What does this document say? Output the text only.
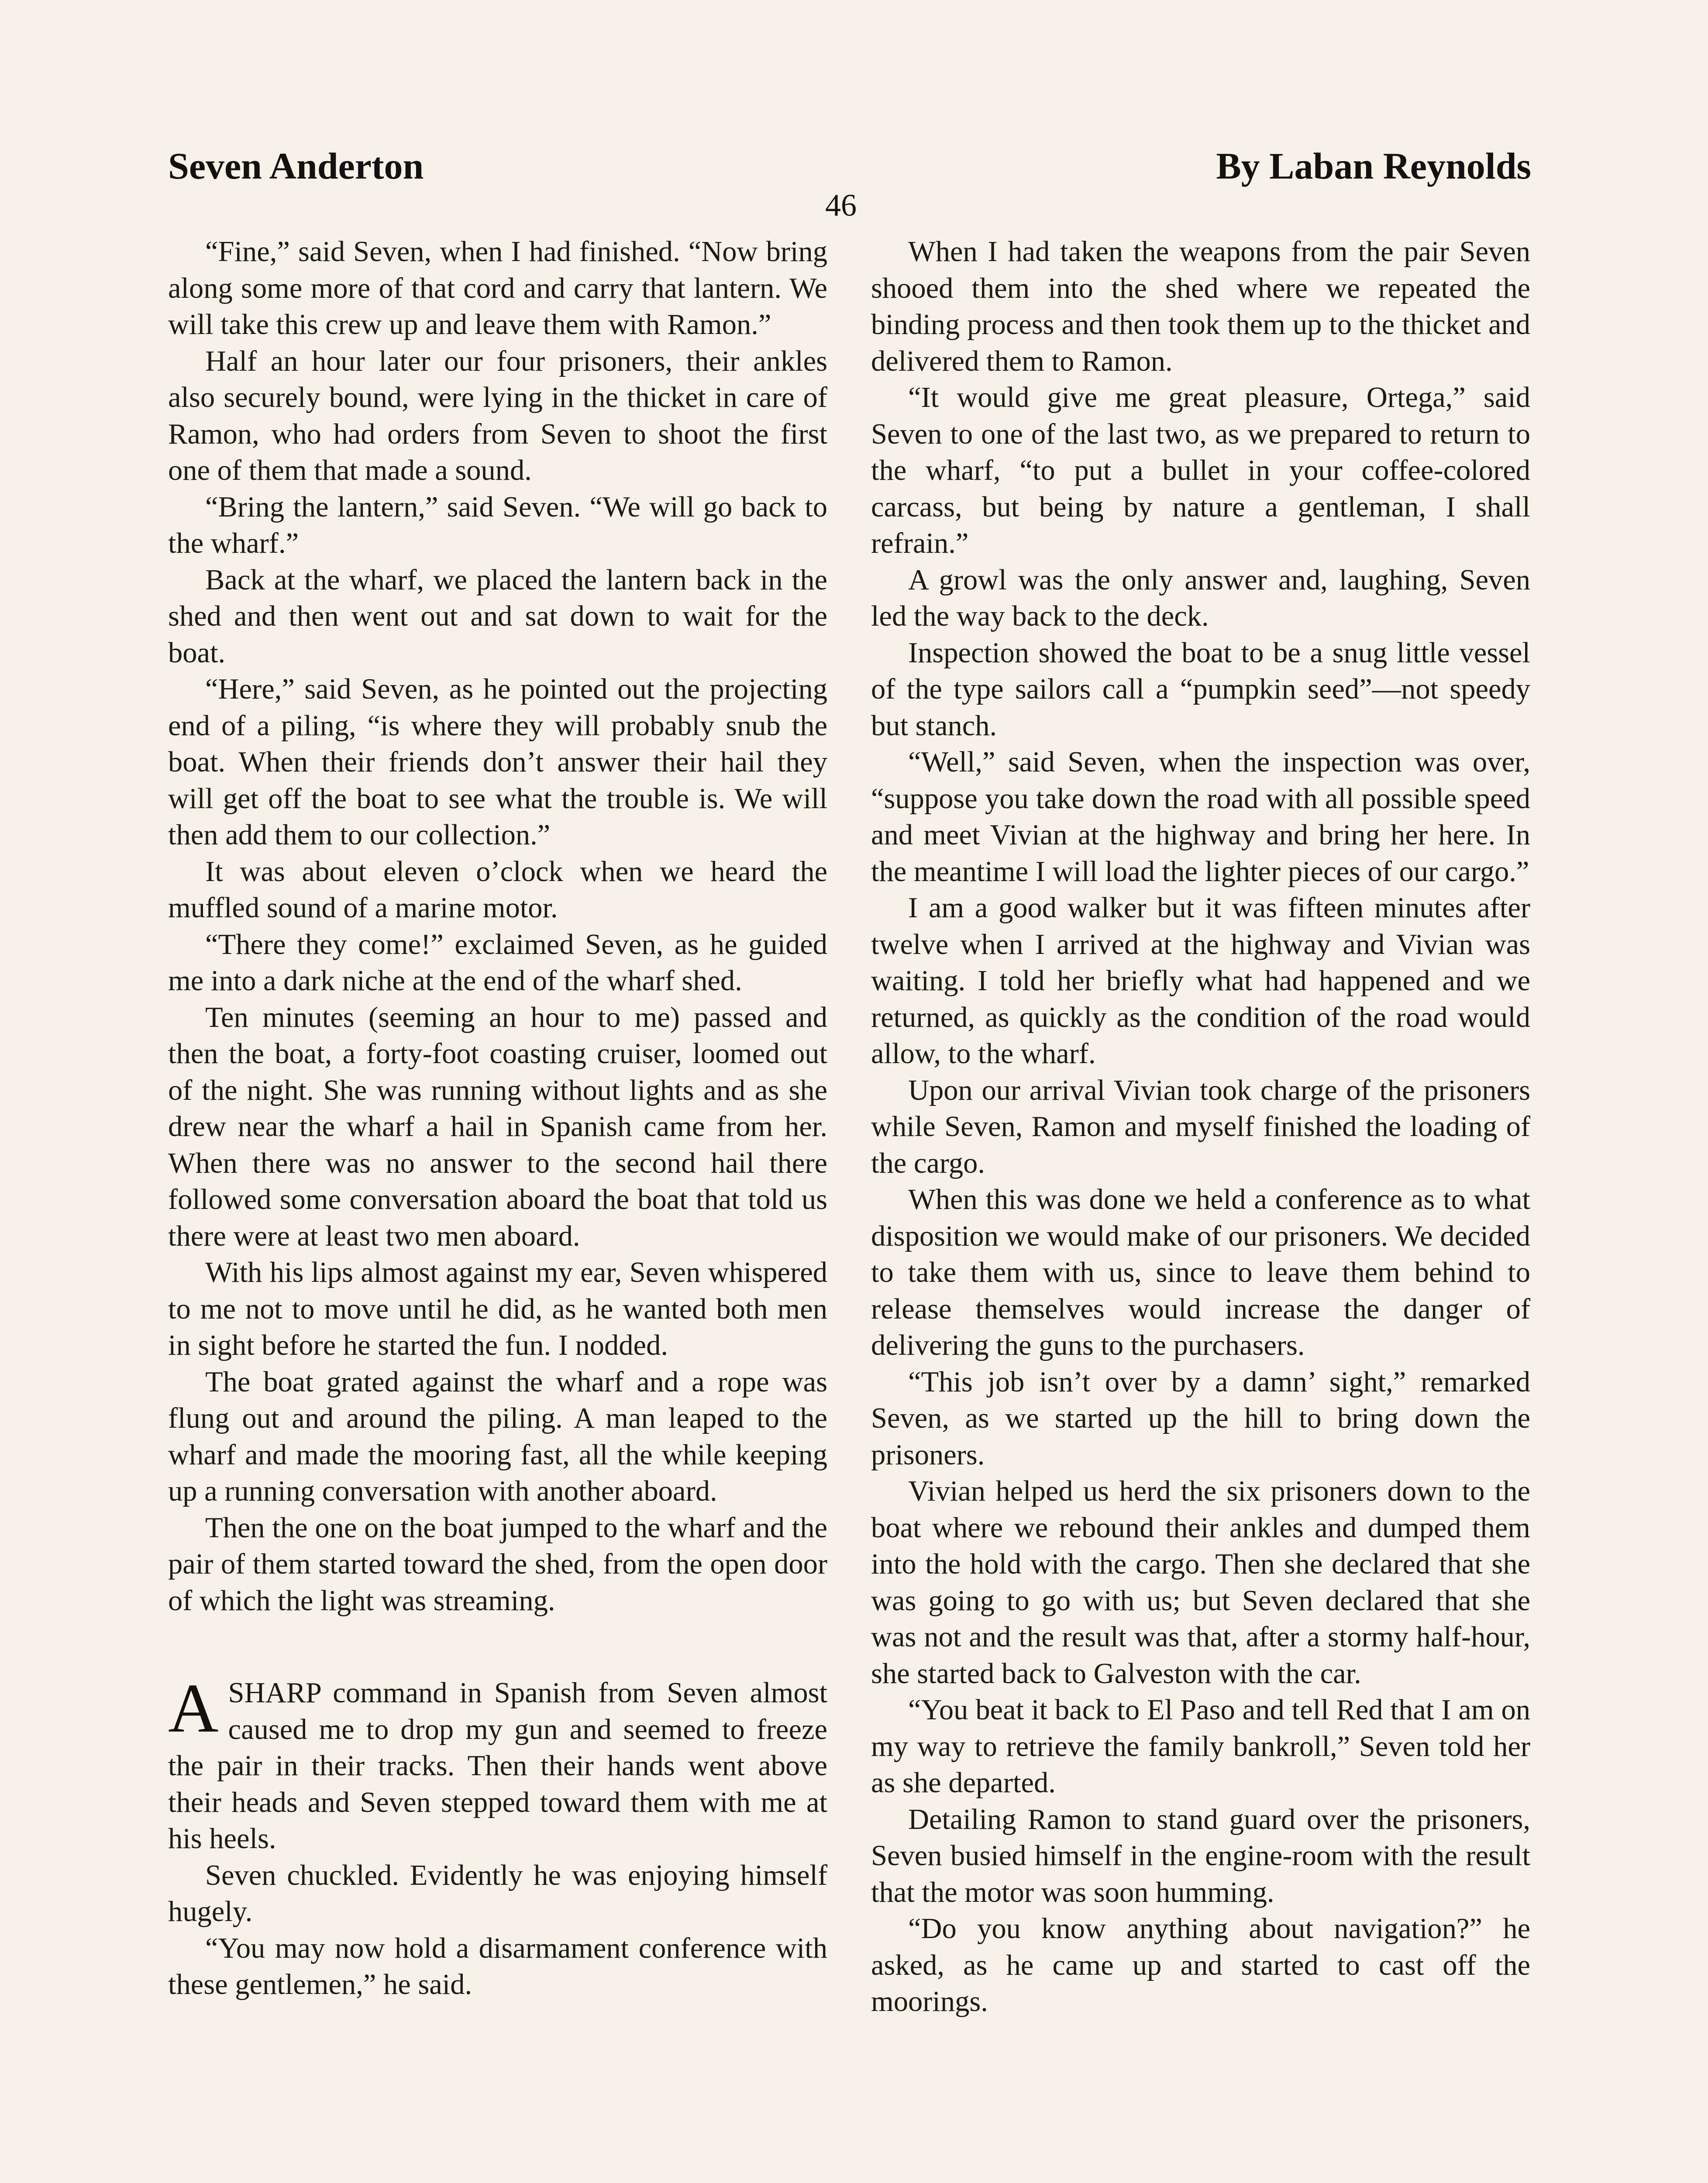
Seven Anderton	By Laban Reynolds
46

“Fine,” said Seven, when I had finished. “Now bring along some more of that cord and carry that lantern. We will take this crew up and leave them with Ramon.”

Half an hour later our four prisoners, their ankles also securely bound, were lying in the thicket in care of Ramon, who had orders from Seven to shoot the first one of them that made a sound.

“Bring the lantern,” said Seven. “We will go back to the wharf.”

Back at the wharf, we placed the lantern back in the shed and then went out and sat down to wait for the boat.

“Here,” said Seven, as he pointed out the projecting end of a piling, “is where they will probably snub the boat. When their friends don’t answer their hail they will get off the boat to see what the trouble is. We will then add them to our collection.”

It was about eleven o’clock when we heard the muffled sound of a marine motor.

“There they come!” exclaimed Seven, as he guided me into a dark niche at the end of the wharf shed.

Ten minutes (seeming an hour to me) passed and then the boat, a forty-foot coasting cruiser, loomed out of the night. She was running without lights and as she drew near the wharf a hail in Spanish came from her. When there was no answer to the second hail there followed some conversation aboard the boat that told us there were at least two men aboard.

With his lips almost against my ear, Seven whispered to me not to move until he did, as he wanted both men in sight before he started the fun. I nodded.

The boat grated against the wharf and a rope was flung out and around the piling. A man leaped to the wharf and made the mooring fast, all the while keeping up a running conversation with another aboard.

Then the one on the boat jumped to the wharf and the pair of them started toward the shed, from the open door of which the light was streaming.

ASHARP command in Spanish from Seven almost caused me to drop my gun and seemed to freeze the pair in their tracks. Then their hands went above their heads and Seven stepped toward them with me at his heels.

Seven chuckled. Evidently he was enjoying himself hugely.

“You may now hold a disarmament conference with these gentlemen,” he said.

When I had taken the weapons from the pair Seven shooed them into the shed where we repeated the binding process and then took them up to the thicket and delivered them to Ramon.

“It would give me great pleasure, Ortega,” said Seven to one of the last two, as we prepared to return to the wharf, “to put a bullet in your coffee-colored carcass, but being by nature a gentleman, I shall refrain.”

A growl was the only answer and, laughing, Seven led the way back to the deck.

Inspection showed the boat to be a snug little vessel of the type sailors call a “pumpkin seed”—not speedy but stanch.

“Well,” said Seven, when the inspection was over, “suppose you take down the road with all possible speed and meet Vivian at the highway and bring her here. In the meantime I will load the lighter pieces of our cargo.”

I am a good walker but it was fifteen minutes after twelve when I arrived at the highway and Vivian was waiting. I told her briefly what had happened and we returned, as quickly as the condition of the road would allow, to the wharf.

Upon our arrival Vivian took charge of the prisoners while Seven, Ramon and myself finished the loading of the cargo.

When this was done we held a conference as to what disposition we would make of our prisoners. We decided to take them with us, since to leave them behind to release themselves would increase the danger of delivering the guns to the purchasers.

“This job isn’t over by a damn’ sight,” remarked Seven, as we started up the hill to bring down the prisoners.

Vivian helped us herd the six prisoners down to the boat where we rebound their ankles and dumped them into the hold with the cargo. Then she declared that she was going to go with us; but Seven declared that she was not and the result was that, after a stormy half-hour, she started back to Galveston with the car.

“You beat it back to El Paso and tell Red that I am on my way to retrieve the family bankroll,” Seven told her as she departed.

Detailing Ramon to stand guard over the prisoners, Seven busied himself in the engine-room with the result that the motor was soon humming.

“Do you know anything about navigation?” he asked, as he came up and started to cast off the moorings.
